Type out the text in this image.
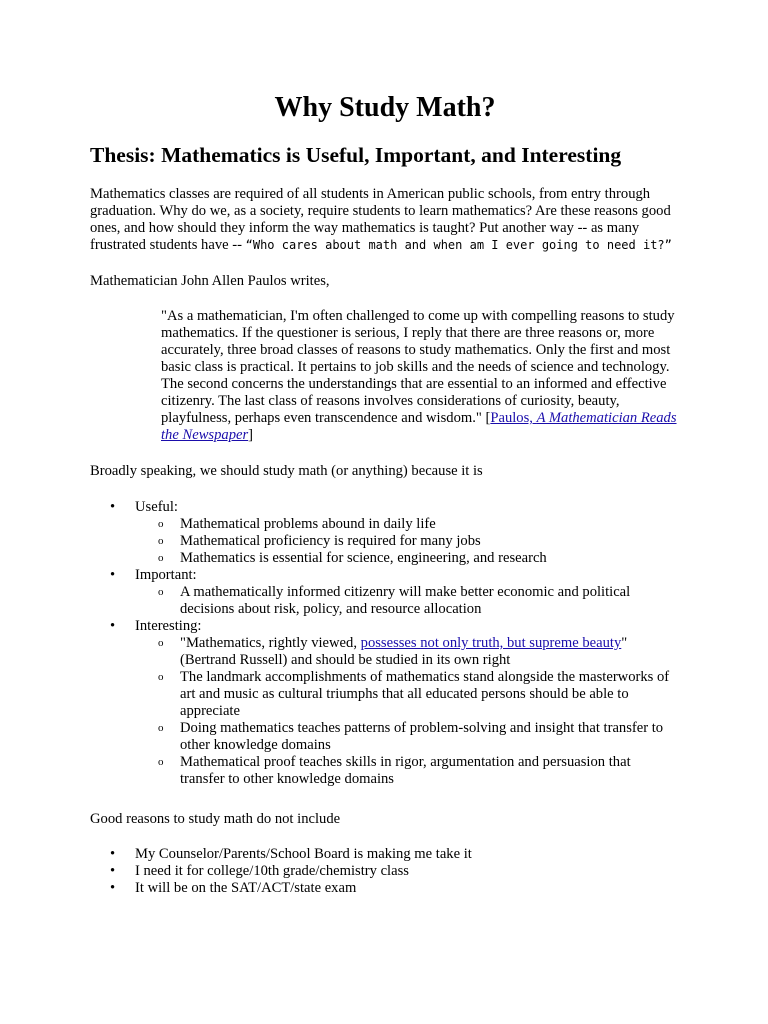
Why Study Math?
Thesis: Mathematics is Useful, Important, and Interesting

Mathematics classes are required of all students in American public schools, from entry through graduation. Why do we, as a society, require students to learn mathematics? Are these reasons good ones, and how should they inform the way mathematics is taught? Put another way -- as many frustrated students have -- “Who cares about math and when am I ever going to need it?”

Mathematician John Allen Paulos writes,

"As a mathematician, I'm often challenged to come up with compelling reasons to study mathematics. If the questioner is serious, I reply that there are three reasons or, more accurately, three broad classes of reasons to study mathematics. Only the first and most basic class is practical. It pertains to job skills and the needs of science and technology. The second concerns the understandings that are essential to an informed and effective citizenry. The last class of reasons involves considerations of curiosity, beauty, playfulness, perhaps even transcendence and wisdom." [Paulos, A Mathematician Reads the Newspaper]

Broadly speaking, we should study math (or anything) because it is

• Useful:
o Mathematical problems abound in daily life
o Mathematical proficiency is required for many jobs
o Mathematics is essential for science, engineering, and research
• Important:
o A mathematically informed citizenry will make better economic and political decisions about risk, policy, and resource allocation
• Interesting:
o "Mathematics, rightly viewed, possesses not only truth, but supreme beauty" (Bertrand Russell) and should be studied in its own right
o The landmark accomplishments of mathematics stand alongside the masterworks of art and music as cultural triumphs that all educated persons should be able to appreciate
o Doing mathematics teaches patterns of problem-solving and insight that transfer to other knowledge domains
o Mathematical proof teaches skills in rigor, argumentation and persuasion that transfer to other knowledge domains

Good reasons to study math do not include

• My Counselor/Parents/School Board is making me take it
• I need it for college/10th grade/chemistry class
• It will be on the SAT/ACT/state exam
